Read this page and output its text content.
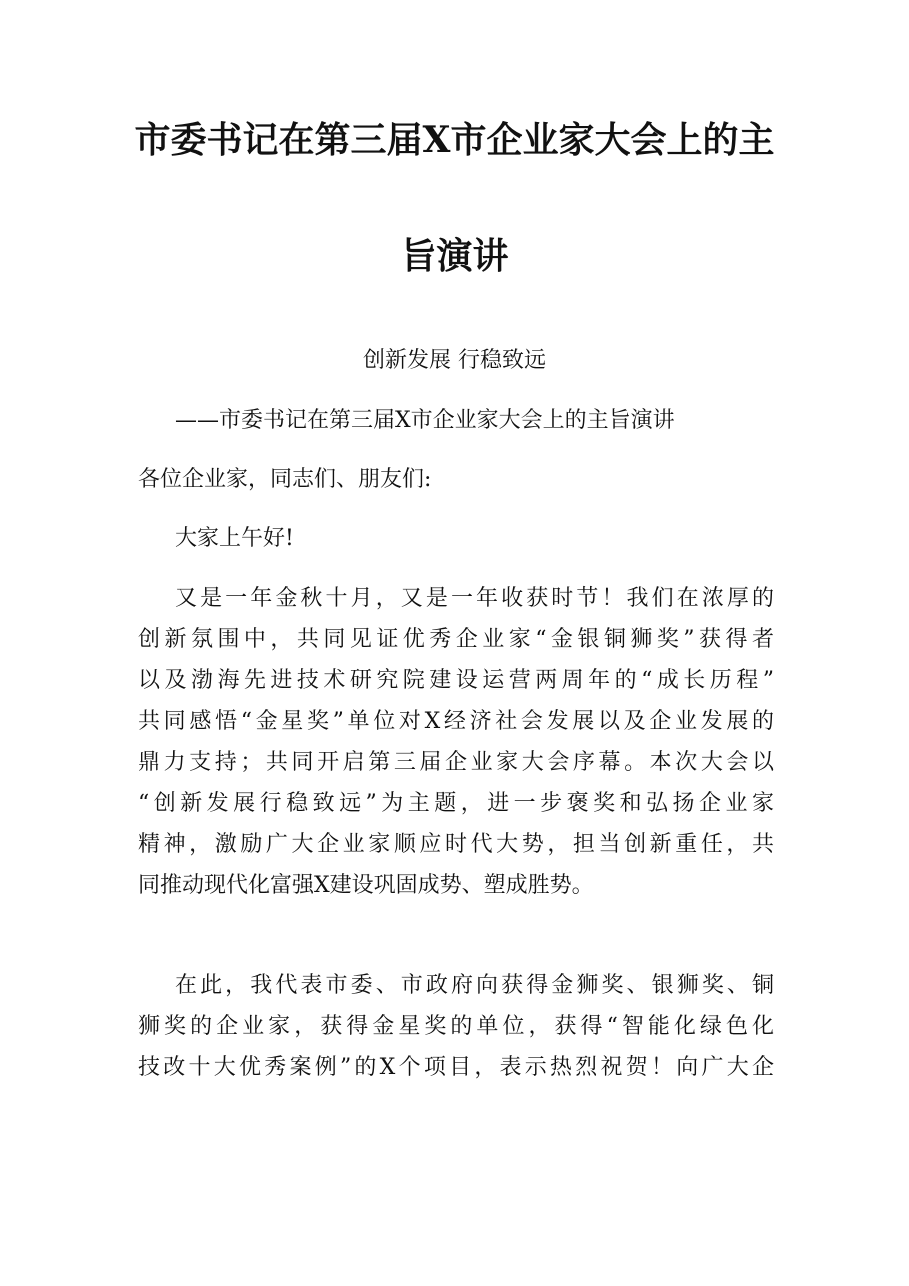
市委书记在第三届X市企业家大会上的主
旨演讲
创新发展 行稳致远
——市委书记在第三届X市企业家大会上的主旨演讲
各位企业家，同志们、朋友们:
大家上午好!
又是一年金秋十月，又是一年收获时节！我们在浓厚的
创新氛围中，共同见证优秀企业家“金银铜狮奖”获得者
以及渤海先进技术研究院建设运营两周年的“成长历程”
共同感悟“金星奖”单位对X经济社会发展以及企业发展的
鼎力支持；共同开启第三届企业家大会序幕。本次大会以
“创新发展行稳致远”为主题，进一步褒奖和弘扬企业家
精神，激励广大企业家顺应时代大势，担当创新重任，共
同推动现代化富强X建设巩固成势、塑成胜势。
在此，我代表市委、市政府向获得金狮奖、银狮奖、铜
狮奖的企业家，获得金星奖的单位，获得“智能化绿色化
技改十大优秀案例”的X个项目，表示热烈祝贺！向广大企
